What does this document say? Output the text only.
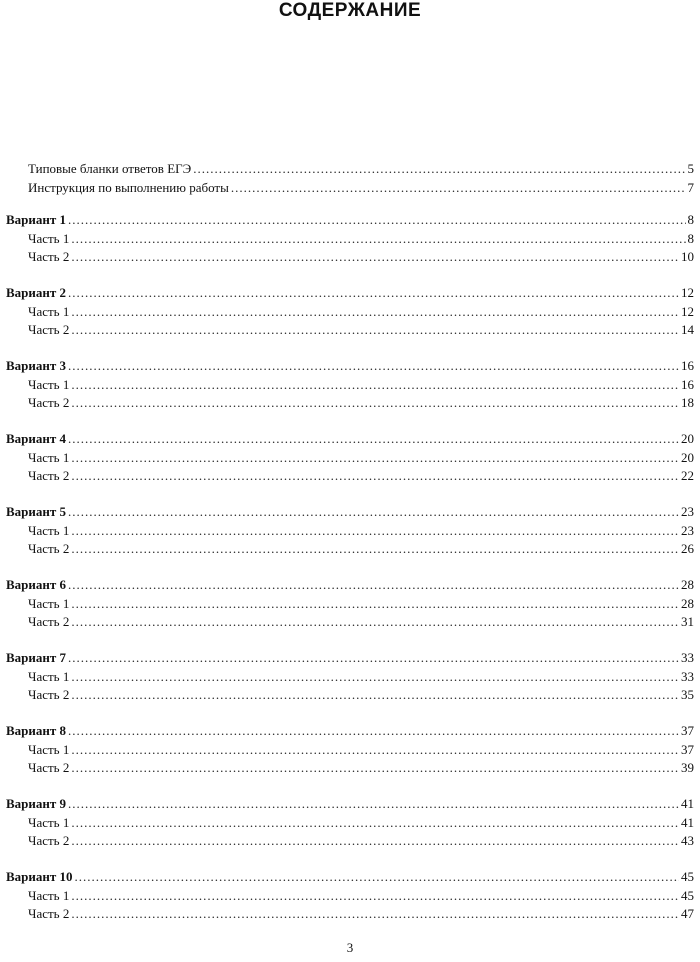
СОДЕРЖАНИЕ
Типовые бланки ответов ЕГЭ .....	5
Инструкция по выполнению работы .....	7
Вариант 1 .....	8
Часть 1 .....	8
Часть 2 .....	10
Вариант 2 .....	12
Часть 1 .....	12
Часть 2 .....	14
Вариант 3 .....	16
Часть 1 .....	16
Часть 2 .....	18
Вариант 4 .....	20
Часть 1 .....	20
Часть 2 .....	22
Вариант 5 .....	23
Часть 1 .....	23
Часть 2 .....	26
Вариант 6 .....	28
Часть 1 .....	28
Часть 2 .....	31
Вариант 7 .....	33
Часть 1 .....	33
Часть 2 .....	35
Вариант 8 .....	37
Часть 1 .....	37
Часть 2 .....	39
Вариант 9 .....	41
Часть 1 .....	41
Часть 2 .....	43
Вариант 10 .....	45
Часть 1 .....	45
Часть 2 .....	47
3
